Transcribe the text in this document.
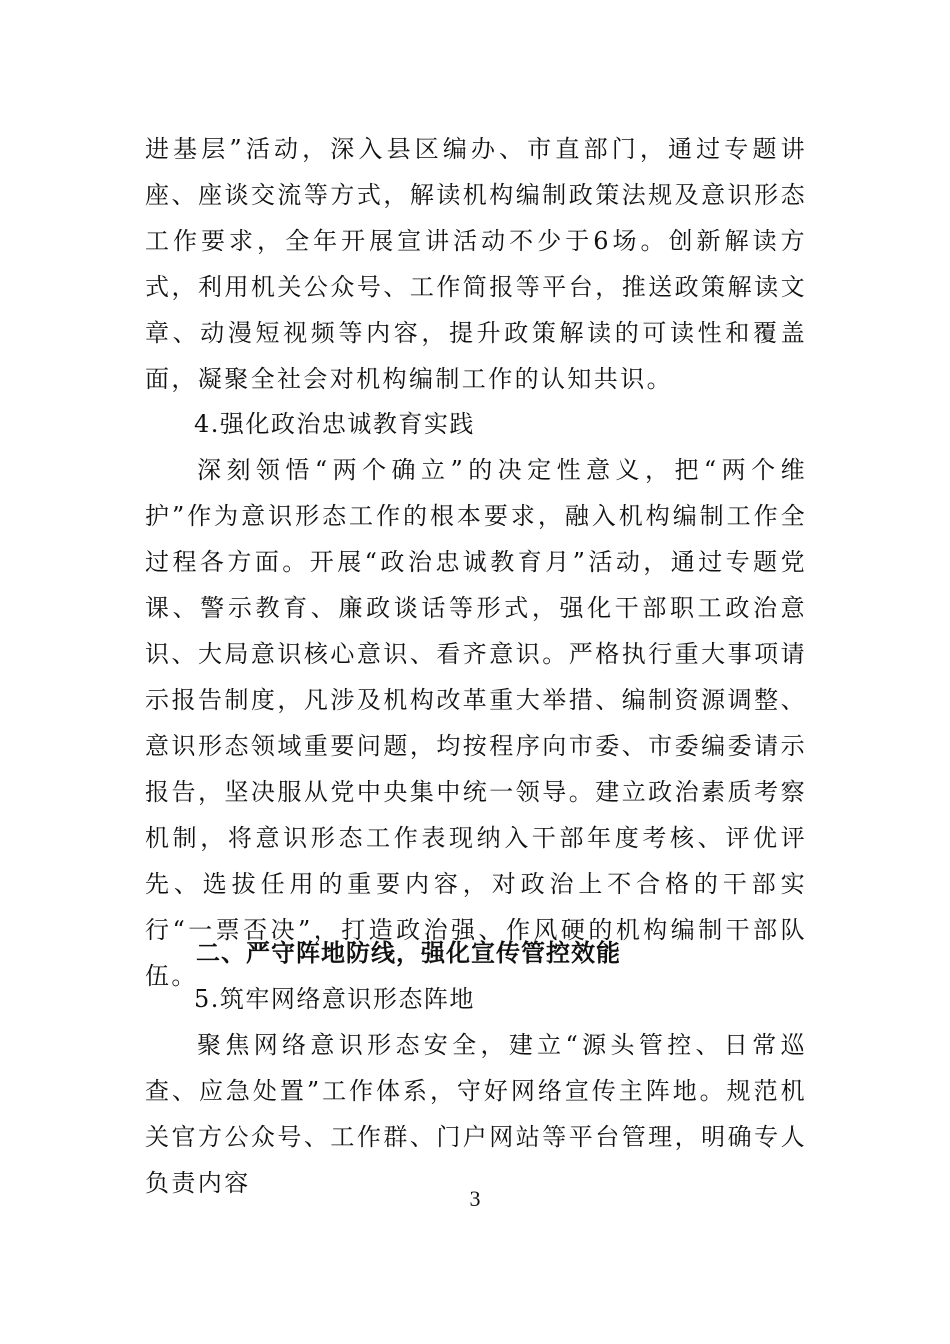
进基层”活动，深入县区编办、市直部门，通过专题讲座、座谈交流等方式，解读机构编制政策法规及意识形态工作要求，全年开展宣讲活动不少于6场。创新解读方式，利用机关公众号、工作简报等平台，推送政策解读文章、动漫短视频等内容，提升政策解读的可读性和覆盖面，凝聚全社会对机构编制工作的认知共识。
4.强化政治忠诚教育实践
深刻领悟“两个确立”的决定性意义，把“两个维护”作为意识形态工作的根本要求，融入机构编制工作全过程各方面。开展“政治忠诚教育月”活动，通过专题党课、警示教育、廉政谈话等形式，强化干部职工政治意识、大局意识核心意识、看齐意识。严格执行重大事项请示报告制度，凡涉及机构改革重大举措、编制资源调整、意识形态领域重要问题，均按程序向市委、市委编委请示报告，坚决服从党中央集中统一领导。建立政治素质考察机制，将意识形态工作表现纳入干部年度考核、评优评先、选拔任用的重要内容，对政治上不合格的干部实行“一票否决”，打造政治强、作风硬的机构编制干部队伍。
二、严守阵地防线，强化宣传管控效能
5.筑牢网络意识形态阵地
聚焦网络意识形态安全，建立“源头管控、日常巡查、应急处置”工作体系，守好网络宣传主阵地。规范机关官方公众号、工作群、门户网站等平台管理，明确专人负责内容
3
